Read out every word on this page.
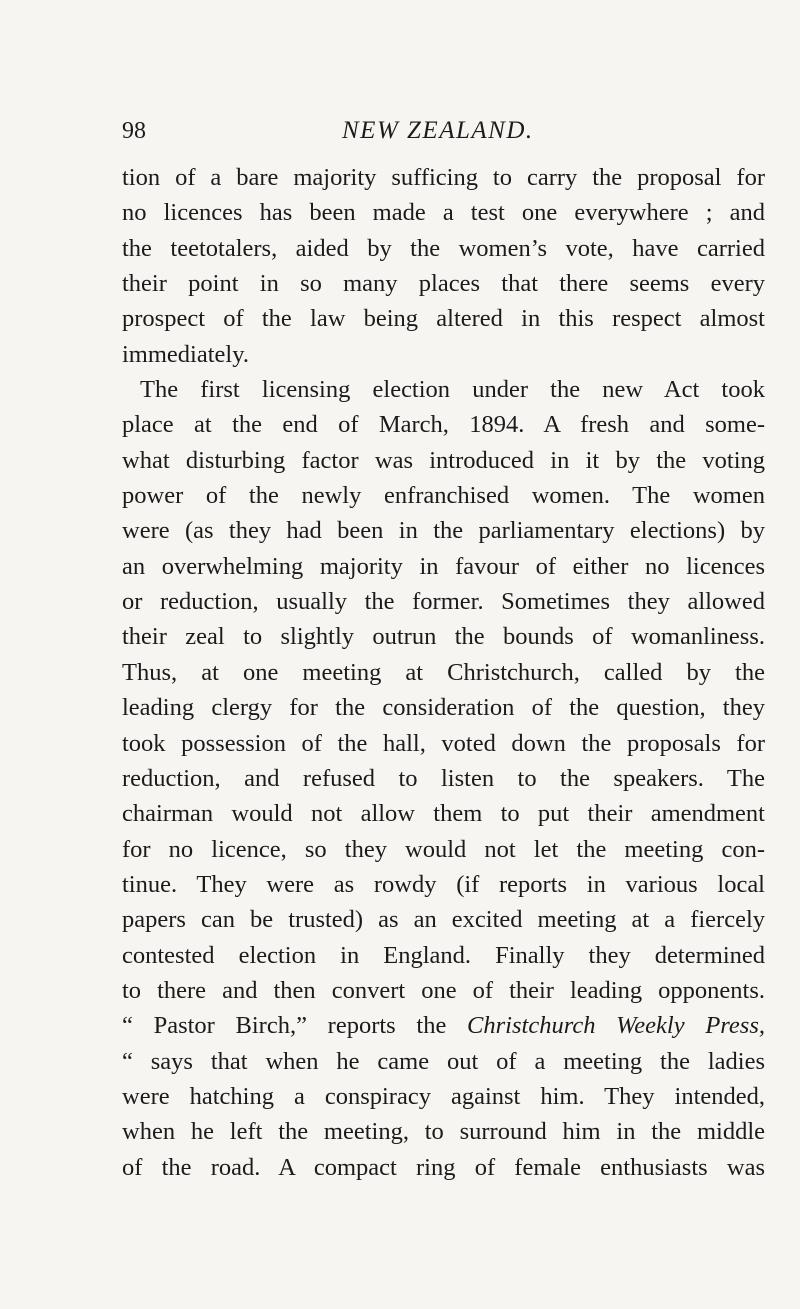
98	NEW ZEALAND.
tion of a bare majority sufficing to carry the proposal for
no licences has been made a test one everywhere ; and
the teetotalers, aided by the women’s vote, have carried
their point in so many places that there seems every
prospect of the law being altered in this respect almost
immediately.
The first licensing election under the new Act took
place at the end of March, 1894. A fresh and some-
what disturbing factor was introduced in it by the voting
power of the newly enfranchised women. The women
were (as they had been in the parliamentary elections) by
an overwhelming majority in favour of either no licences
or reduction, usually the former. Sometimes they allowed
their zeal to slightly outrun the bounds of womanliness.
Thus, at one meeting at Christchurch, called by the
leading clergy for the consideration of the question, they
took possession of the hall, voted down the proposals for
reduction, and refused to listen to the speakers. The
chairman would not allow them to put their amendment
for no licence, so they would not let the meeting con-
tinue. They were as rowdy (if reports in various local
papers can be trusted) as an excited meeting at a fiercely
contested election in England. Finally they determined
to there and then convert one of their leading opponents.
“ Pastor Birch,” reports the Christchurch Weekly Press,
“ says that when he came out of a meeting the ladies
were hatching a conspiracy against him. They intended,
when he left the meeting, to surround him in the middle
of the road. A compact ring of female enthusiasts was
